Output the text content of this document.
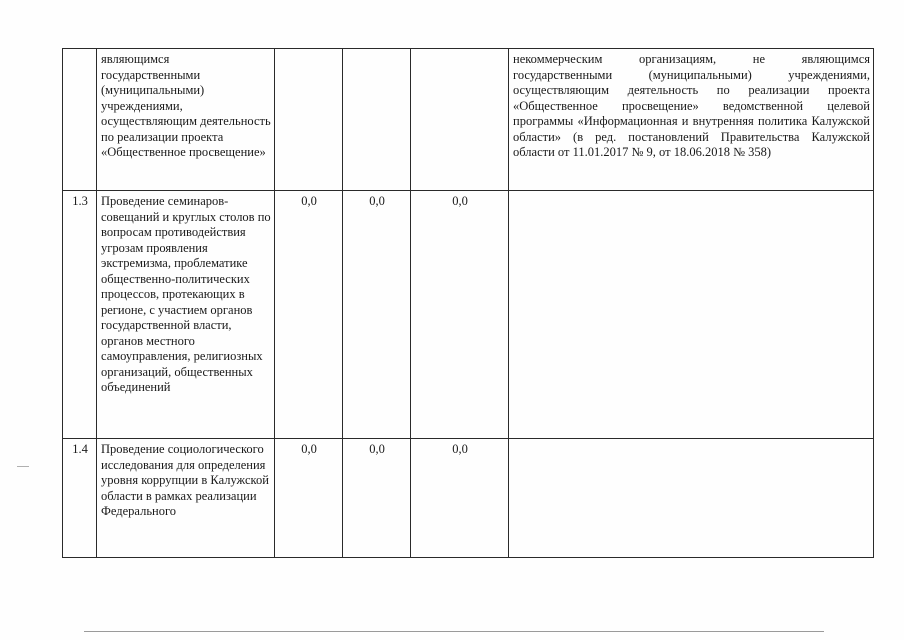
	являющимся государственными (муниципальными) учреждениями, осуществляющим деятельность по реализации проекта «Общественное просвещение»				некоммерческим организациям, не являющимся государственными (муниципальными) учреждениями, осуществляющим деятельность по реализации проекта «Общественное просвещение» ведомственной целевой программы «Информационная и внутренняя политика Калужской области» (в ред. постановлений Правительства Калужской области от 11.01.2017 № 9, от 18.06.2018 № 358)
1.3	Проведение семинаров-совещаний и круглых столов по вопросам противодействия угрозам проявления экстремизма, проблематике общественно-политических процессов, протекающих в регионе, с участием органов государственной власти, органов местного самоуправления, религиозных организаций, общественных объединений	0,0	0,0	0,0	
1.4	Проведение социологического исследования для определения уровня коррупции в Калужской области в рамках реализации Федерального	0,0	0,0	0,0	
